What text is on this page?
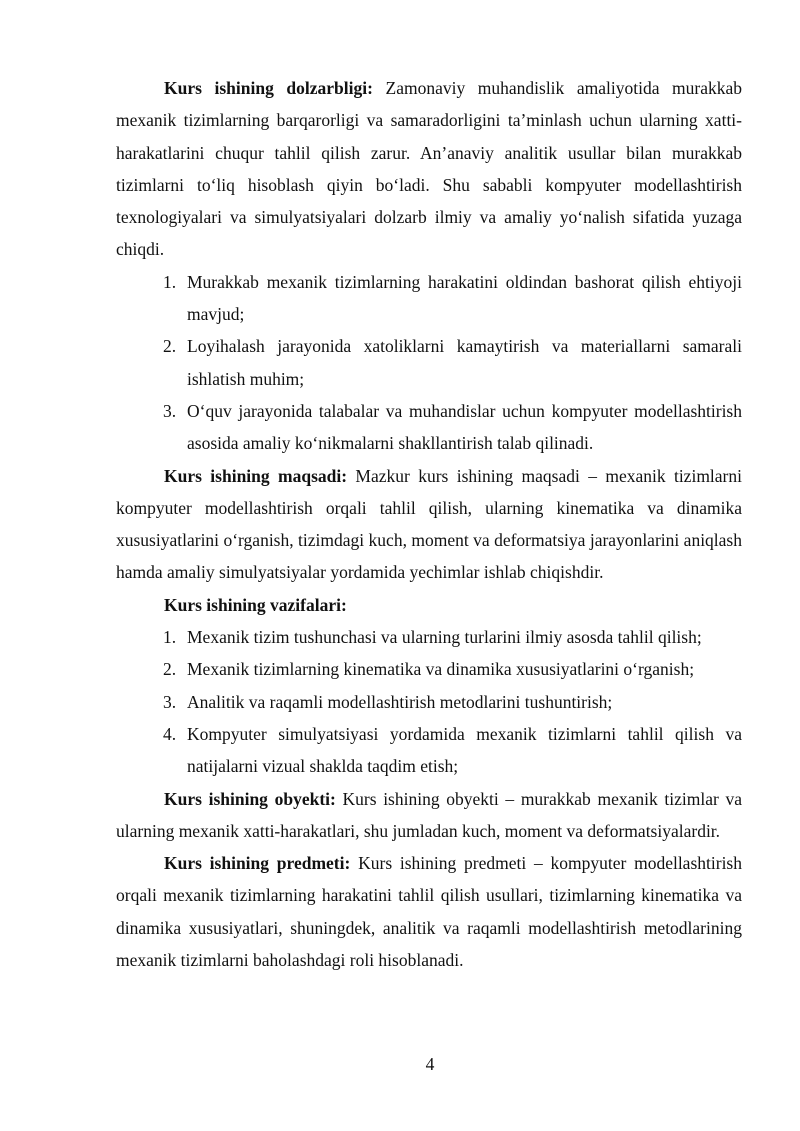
Kurs ishining dolzarbligi: Zamonaviy muhandislik amaliyotida murakkab mexanik tizimlarning barqarorligi va samaradorligini ta’minlash uchun ularning xatti-harakatlarini chuqur tahlil qilish zarur. An’anaviy analitik usullar bilan murakkab tizimlarni to‘liq hisoblash qiyin bo‘ladi. Shu sababli kompyuter modellashtirish texnologiyalari va simulyatsiyalari dolzarb ilmiy va amaliy yo‘nalish sifatida yuzaga chiqdi.

1. Murakkab mexanik tizimlarning harakatini oldindan bashorat qilish ehtiyoji mavjud;
2. Loyihalash jarayonida xatoliklarni kamaytirish va materiallarni samarali ishlatish muhim;
3. O‘quv jarayonida talabalar va muhandislar uchun kompyuter modellashtirish asosida amaliy ko‘nikmalarni shakllantirish talab qilinadi.

Kurs ishining maqsadi: Mazkur kurs ishining maqsadi – mexanik tizimlarni kompyuter modellashtirish orqali tahlil qilish, ularning kinematika va dinamika xususiyatlarini o‘rganish, tizimdagi kuch, moment va deformatsiya jarayonlarini aniqlash hamda amaliy simulyatsiyalar yordamida yechimlar ishlab chiqishdir.

Kurs ishining vazifalari:

1. Mexanik tizim tushunchasi va ularning turlarini ilmiy asosda tahlil qilish;
2. Mexanik tizimlarning kinematika va dinamika xususiyatlarini o‘rganish;
3. Analitik va raqamli modellashtirish metodlarini tushuntirish;
4. Kompyuter simulyatsiyasi yordamida mexanik tizimlarni tahlil qilish va natijalarni vizual shaklda taqdim etish;

Kurs ishining obyekti: Kurs ishining obyekti – murakkab mexanik tizimlar va ularning mexanik xatti-harakatlari, shu jumladan kuch, moment va deformatsiyalardir.

Kurs ishining predmeti: Kurs ishining predmeti – kompyuter modellashtirish orqali mexanik tizimlarning harakatini tahlil qilish usullari, tizimlarning kinematika va dinamika xususiyatlari, shuningdek, analitik va raqamli modellashtirish metodlarining mexanik tizimlarni baholashdagi roli hisoblanadi.

4
